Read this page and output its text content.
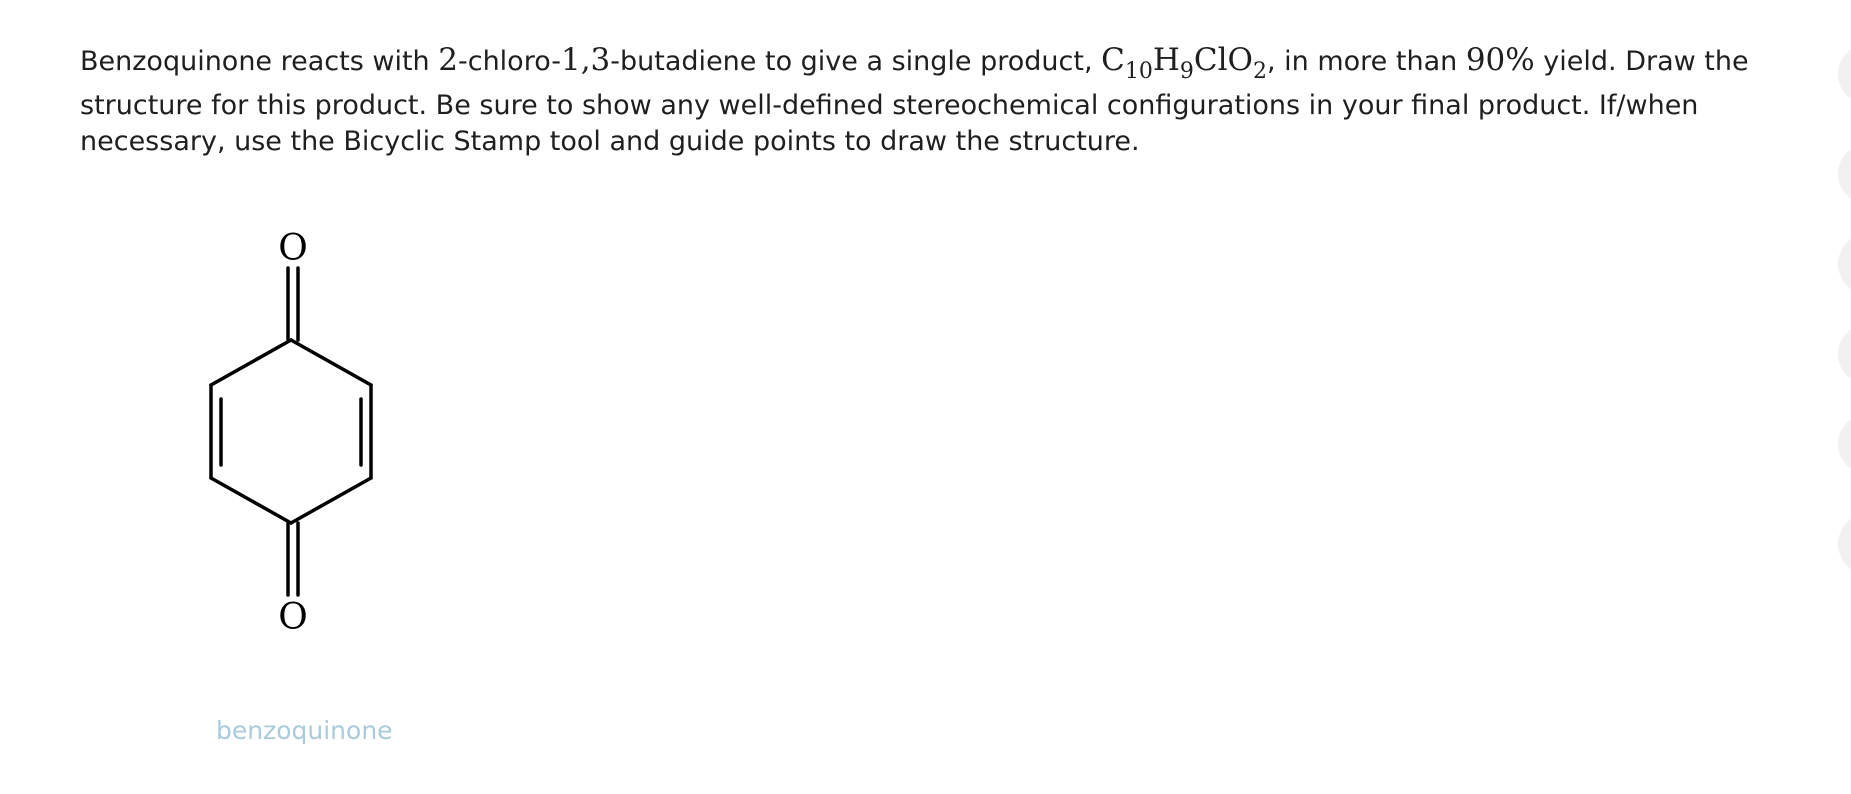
Benzoquinone reacts with 2-chloro-1,3-butadiene to give a single product, $C_{10}H_9ClO_2$, in more than 90% yield. Draw the
structure for this product. Be sure to show any well-defined stereochemical configurations in your final product. If/when
necessary, use the Bicyclic Stamp tool and guide points to draw the structure.
O
O
benzoquinone
